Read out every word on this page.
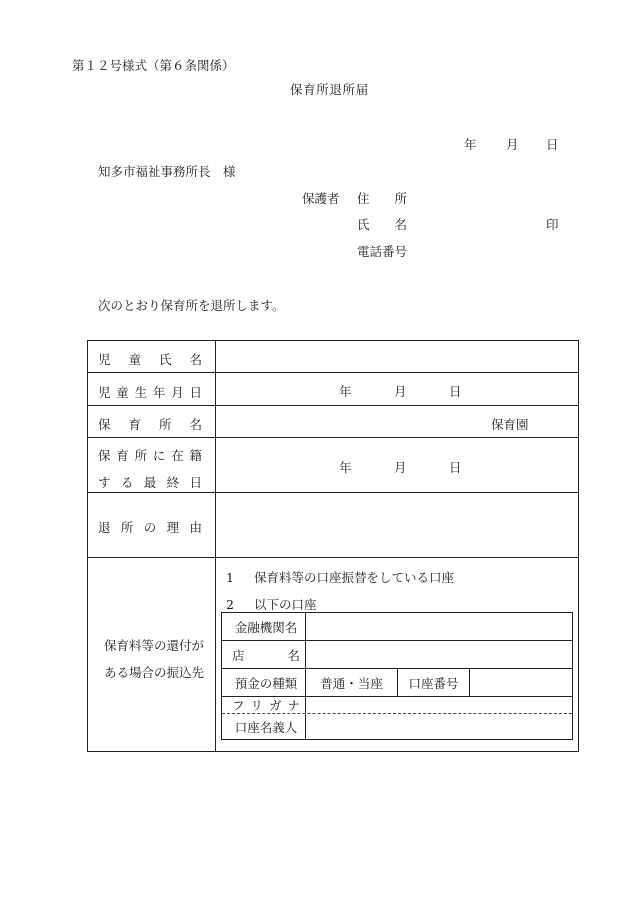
第１２号様式（第６条関係）
保育所退所届
年 月 日
知多市福祉事務所長　様
保護者 住　　所
氏　　名	印
電話番号
次のとおり保育所を退所します。
児 童 氏 名
児 童 生 年 月 日	年	月	日
保 育 所 名	保育園
保 育 所 に 在 籍
す る 最 終 日
年	月	日
退 所 の 理 由
保育料等の還付が
ある場合の振込先
1 保育料等の口座振替をしている口座
2 以下の口座
金融機関名
店	名
預金の種類 普通・当座 口座番号
フ リ ガ ナ
口座名義人
